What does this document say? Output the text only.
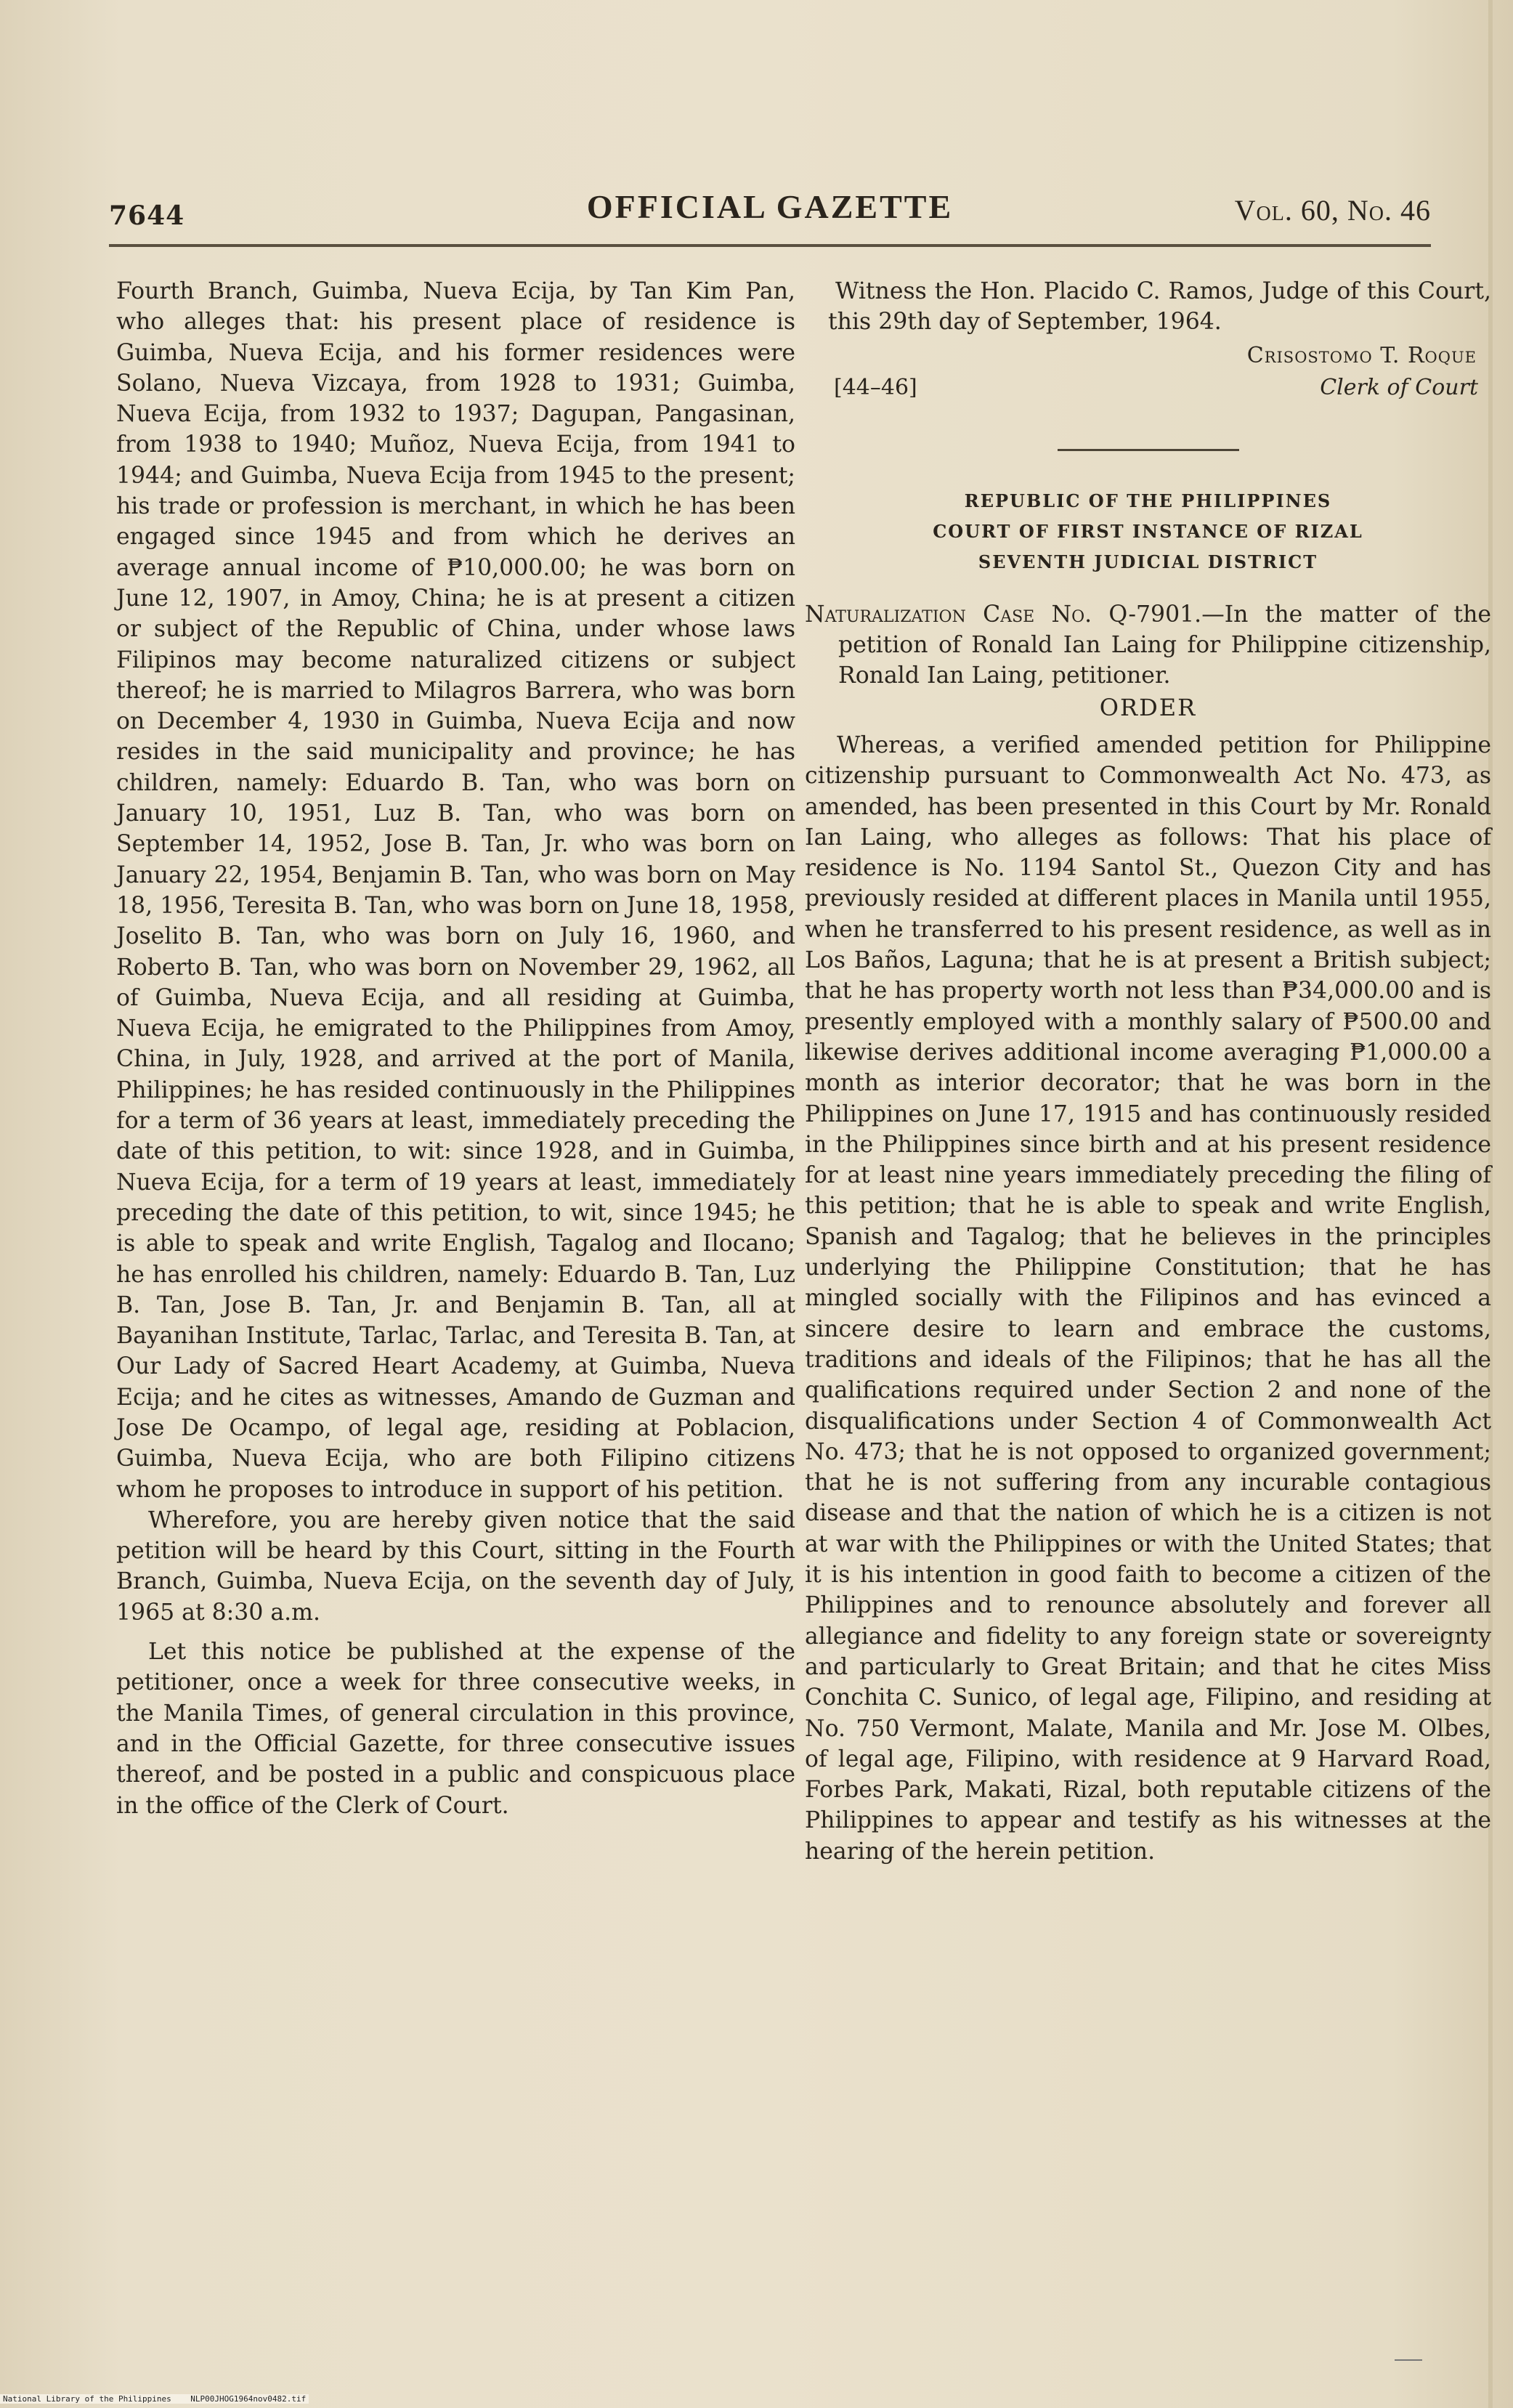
7644	OFFICIAL GAZETTE	Vol. 60, No. 46

Fourth Branch, Guimba, Nueva Ecija, by Tan Kim Pan, who alleges that: his present place of residence is Guimba, Nueva Ecija, and his former residences were Solano, Nueva Vizcaya, from 1928 to 1931; Guimba, Nueva Ecija, from 1932 to 1937; Dagupan, Pangasinan, from 1938 to 1940; Muñoz, Nueva Ecija, from 1941 to 1944; and Guimba, Nueva Ecija from 1945 to the present; his trade or profession is merchant, in which he has been engaged since 1945 and from which he derives an average annual income of ₱10,000.00; he was born on June 12, 1907, in Amoy, China; he is at present a citizen or subject of the Republic of China, under whose laws Filipinos may become naturalized citizens or subject thereof; he is married to Milagros Barrera, who was born on December 4, 1930 in Guimba, Nueva Ecija and now resides in the said municipality and province; he has children, namely: Eduardo B. Tan, who was born on January 10, 1951, Luz B. Tan, who was born on September 14, 1952, Jose B. Tan, Jr. who was born on January 22, 1954, Benjamin B. Tan, who was born on May 18, 1956, Teresita B. Tan, who was born on June 18, 1958, Joselito B. Tan, who was born on July 16, 1960, and Roberto B. Tan, who was born on November 29, 1962, all of Guimba, Nueva Ecija, and all residing at Guimba, Nueva Ecija, he emigrated to the Philippines from Amoy, China, in July, 1928, and arrived at the port of Manila, Philippines; he has resided continuously in the Philippines for a term of 36 years at least, immediately preceding the date of this petition, to wit: since 1928, and in Guimba, Nueva Ecija, for a term of 19 years at least, immediately preceding the date of this petition, to wit, since 1945; he is able to speak and write English, Tagalog and Ilocano; he has enrolled his children, namely: Eduardo B. Tan, Luz B. Tan, Jose B. Tan, Jr. and Benjamin B. Tan, all at Bayanihan Institute, Tarlac, Tarlac, and Teresita B. Tan, at Our Lady of Sacred Heart Academy, at Guimba, Nueva Ecija; and he cites as witnesses, Amando de Guzman and Jose De Ocampo, of legal age, residing at Poblacion, Guimba, Nueva Ecija, who are both Filipino citizens whom he proposes to introduce in support of his petition.

Wherefore, you are hereby given notice that the said petition will be heard by this Court, sitting in the Fourth Branch, Guimba, Nueva Ecija, on the seventh day of July, 1965 at 8:30 a.m.

Let this notice be published at the expense of the petitioner, once a week for three consecutive weeks, in the Manila Times, of general circulation in this province, and in the Official Gazette, for three consecutive issues thereof, and be posted in a public and conspicuous place in the office of the Clerk of Court.

Witness the Hon. Placido C. Ramos, Judge of this Court, this 29th day of September, 1964.

Crisostomo T. Roque
[44–46]	Clerk of Court
REPUBLIC OF THE PHILIPPINES
COURT OF FIRST INSTANCE OF RIZAL
SEVENTH JUDICIAL DISTRICT

Naturalization Case No. Q-7901.—In the matter of the petition of Ronald Ian Laing for Philippine citizenship, Ronald Ian Laing, petitioner.

ORDER

Whereas, a verified amended petition for Philippine citizenship pursuant to Commonwealth Act No. 473, as amended, has been presented in this Court by Mr. Ronald Ian Laing, who alleges as follows: That his place of residence is No. 1194 Santol St., Quezon City and has previously resided at different places in Manila until 1955, when he transferred to his present residence, as well as in Los Baños, Laguna; that he is at present a British subject; that he has property worth not less than ₱34,000.00 and is presently employed with a monthly salary of ₱500.00 and likewise derives additional income averaging ₱1,000.00 a month as interior decorator; that he was born in the Philippines on June 17, 1915 and has continuously resided in the Philippines since birth and at his present residence for at least nine years immediately preceding the filing of this petition; that he is able to speak and write English, Spanish and Tagalog; that he believes in the principles underlying the Philippine Constitution; that he has mingled socially with the Filipinos and has evinced a sincere desire to learn and embrace the customs, traditions and ideals of the Filipinos; that he has all the qualifications required under Section 2 and none of the disqualifications under Section 4 of Commonwealth Act No. 473; that he is not opposed to organized government; that he is not suffering from any incurable contagious disease and that the nation of which he is a citizen is not at war with the Philippines or with the United States; that it is his intention in good faith to become a citizen of the Philippines and to renounce absolutely and forever all allegiance and fidelity to any foreign state or sovereignty and particularly to Great Britain; and that he cites Miss Conchita C. Sunico, of legal age, Filipino, and residing at No. 750 Vermont, Malate, Manila and Mr. Jose M. Olbes, of legal age, Filipino, with residence at 9 Harvard Road, Forbes Park, Makati, Rizal, both reputable citizens of the Philippines to appear and testify as his witnesses at the hearing of the herein petition.

National Library of the Philippines NLP00JHOG1964nov0482.tif
